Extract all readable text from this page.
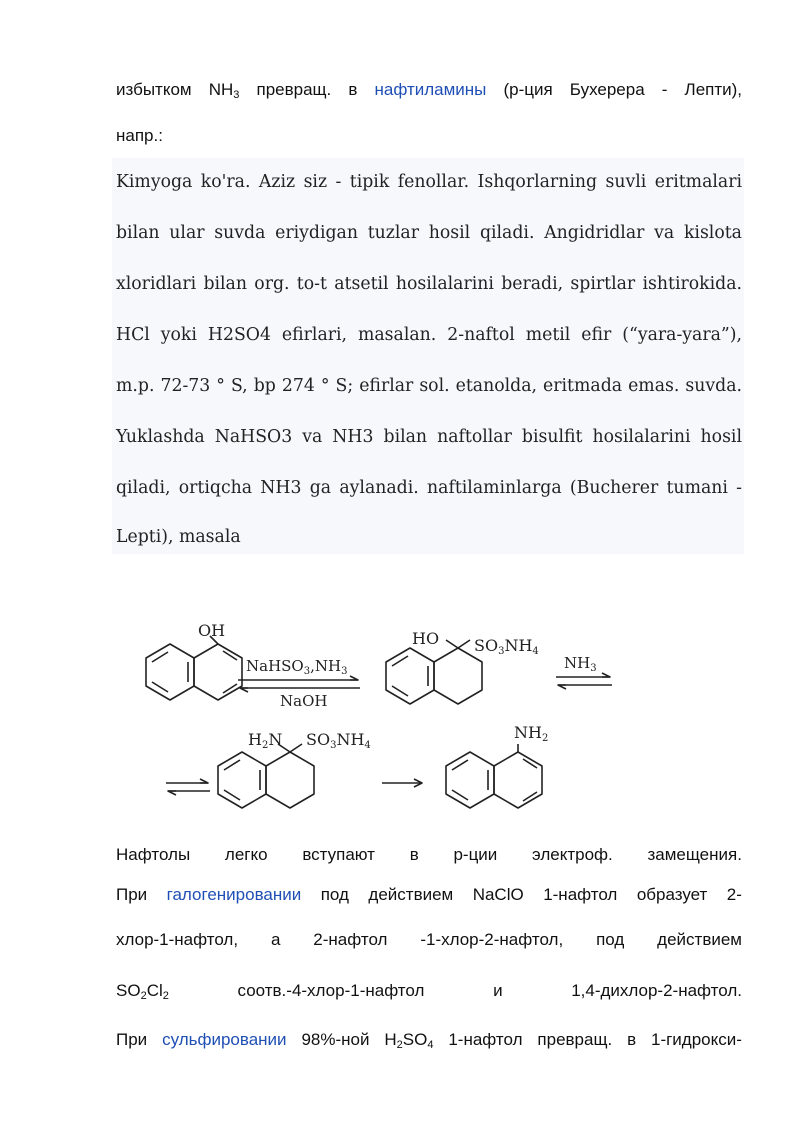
избытком $NH_3$ превращ. в нафтиламины (р-ция Бухерера - Лепти),
напр.:
Kimyoga ko'ra. Aziz siz - tipik fenollar. Ishqorlarning suvli eritmalari
bilan ular suvda eriydigan tuzlar hosil qiladi. Angidridlar va kislota
xloridlari bilan org. to-t atsetil hosilalarini beradi, spirtlar ishtirokida.
HCl yoki H2SO4 efirlari, masalan. 2-naftol metil efir (“yara-yara”),
m.p. 72-73 ° S, bp 274 ° S; efirlar sol. etanolda, eritmada emas. suvda.
Yuklashda NaHSO3 va NH3 bilan naftollar bisulfit hosilalarini hosil
qiladi, ortiqcha NH3 ga aylanadi. naftilaminlarga (Bucherer tumani -
Lepti), masala
OH
$NaHSO_3,NH_3$
NaOH
HO SO3NH4
$NH_3$
H2N SO3NH4
NH2
Нафтолы легко вступают в р-ции электроф. замещения.
При галогенировании под действием NaClO 1-нафтол образует 2-
хлор-1-нафтол, а 2-нафтол -1-хлор-2-нафтол, под действием
$SO_2Cl_2$	соотв.-4-хлор-1-нафтол	и	1,4-дихлор-2-нафтол.
При сульфировании 98%-ной $H_2SO_4$ 1-нафтол превращ. в 1-гидрокси-
